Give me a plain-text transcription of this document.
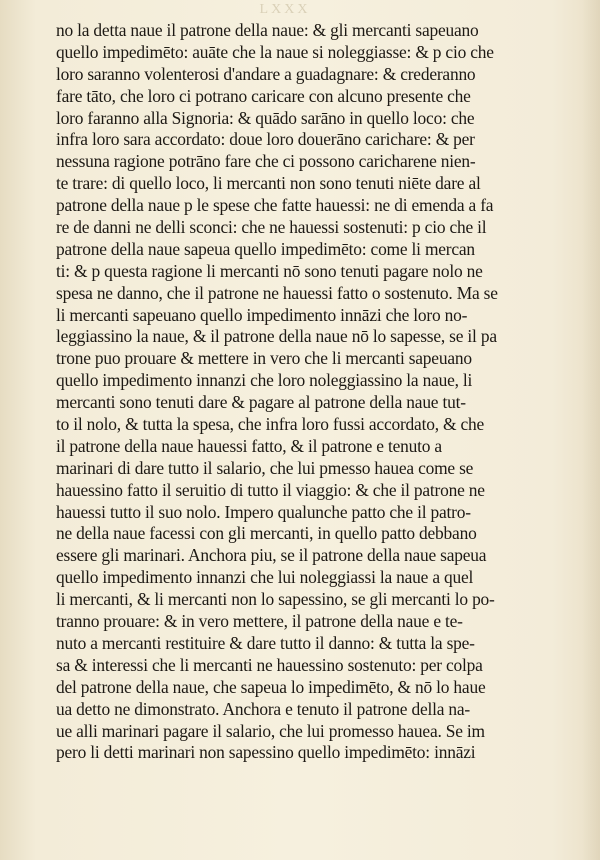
LXXX
no la detta naue il patrone della naue: & gli mercanti sapeuano
quello impedimēto: auāte che la naue si noleggiasse: & p cio che
loro saranno volenterosi d'andare a guadagnare: & crederanno
fare tāto, che loro ci potrano caricare con alcuno presente che
loro faranno alla Signoria: & quādo sarāno in quello loco: che
infra loro sara accordato: doue loro douerāno carichare: & per
nessuna ragione potrāno fare che ci possono caricharene nien-
te trare: di quello loco, li mercanti non sono tenuti niēte dare al
patrone della naue p le spese che fatte hauessi: ne di emenda a fa
re de danni ne delli sconci: che ne hauessi sostenuti: p cio che il
patrone della naue sapeua quello impedimēto: come li mercan
ti: & p questa ragione li mercanti nō sono tenuti pagare nolo ne
spesa ne danno, che il patrone ne hauessi fatto o sostenuto. Ma se
li mercanti sapeuano quello impedimento innāzi che loro no-
leggiassino la naue, & il patrone della naue nō lo sapesse, se il pa
trone puo prouare & mettere in vero che li mercanti sapeuano
quello impedimento innanzi che loro noleggiassino la naue, li
mercanti sono tenuti dare & pagare al patrone della naue tut-
to il nolo, & tutta la spesa, che infra loro fussi accordato, & che
il patrone della naue hauessi fatto, & il patrone e tenuto a
marinari di dare tutto il salario, che lui pmesso hauea come se
hauessino fatto il seruitio di tutto il viaggio: & che il patrone ne
hauessi tutto il suo nolo. Impero qualunche patto che il patro-
ne della naue facessi con gli mercanti, in quello patto debbano
essere gli marinari. Anchora piu, se il patrone della naue sapeua
quello impedimento innanzi che lui noleggiassi la naue a quel
li mercanti, & li mercanti non lo sapessino, se gli mercanti lo po-
tranno prouare: & in vero mettere, il patrone della naue e te-
nuto a mercanti restituire & dare tutto il danno: & tutta la spe-
sa & interessi che li mercanti ne hauessino sostenuto: per colpa
del patrone della naue, che sapeua lo impedimēto, & nō lo haue
ua detto ne dimonstrato. Anchora e tenuto il patrone della na-
ue alli marinari pagare il salario, che lui promesso hauea. Se im
pero li detti marinari non sapessino quello impedimēto: innāzi
